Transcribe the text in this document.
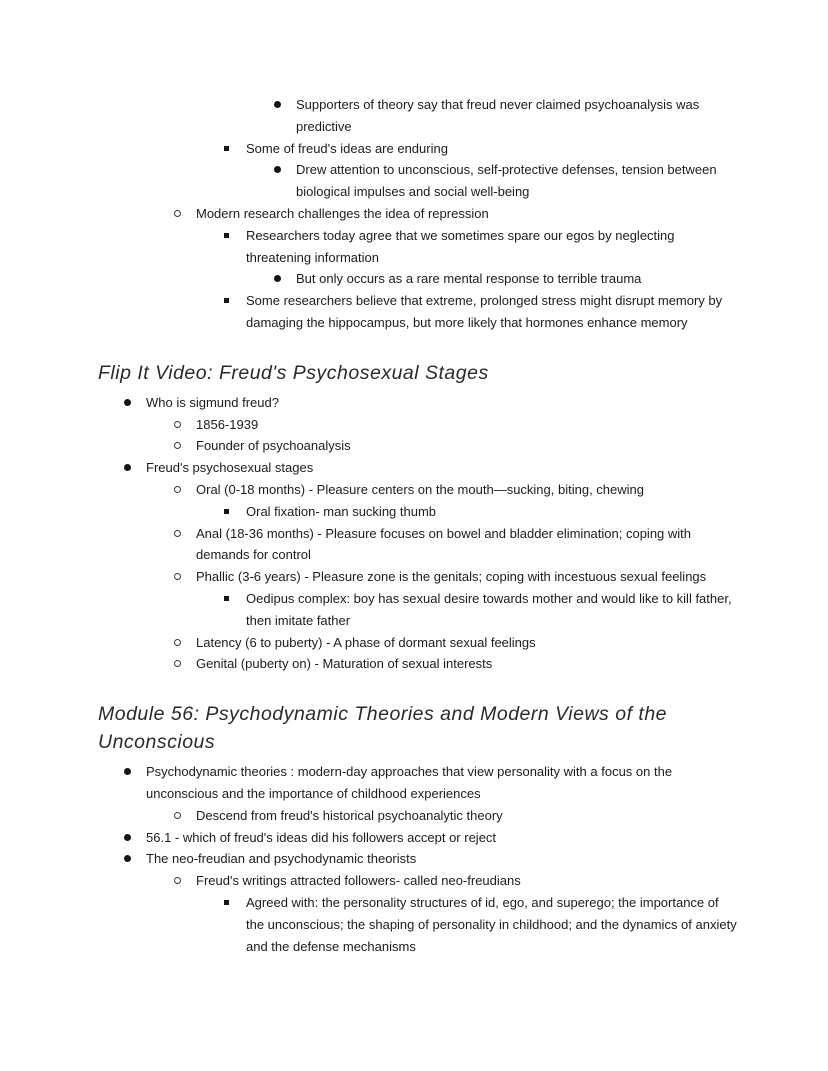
Supporters of theory say that freud never claimed psychoanalysis was predictive
Some of freud's ideas are enduring
Drew attention to unconscious, self-protective defenses, tension between biological impulses and social well-being
Modern research challenges the idea of repression
Researchers today agree that we sometimes spare our egos by neglecting threatening information
But only occurs as a rare mental response to terrible trauma
Some researchers believe that extreme, prolonged stress might disrupt memory by damaging the hippocampus, but more likely that hormones enhance memory
Flip It Video: Freud's Psychosexual Stages
Who is sigmund freud?
1856-1939
Founder of psychoanalysis
Freud's psychosexual stages
Oral (0-18 months) - Pleasure centers on the mouth—sucking, biting, chewing
Oral fixation- man sucking thumb
Anal (18-36 months) - Pleasure focuses on bowel and bladder elimination; coping with demands for control
Phallic (3-6 years) - Pleasure zone is the genitals; coping with incestuous sexual feelings
Oedipus complex: boy has sexual desire towards mother and would like to kill father, then imitate father
Latency (6 to puberty) - A phase of dormant sexual feelings
Genital (puberty on) - Maturation of sexual interests
Module 56: Psychodynamic Theories and Modern Views of the Unconscious
Psychodynamic theories : modern-day approaches that view personality with a focus on the unconscious and the importance of childhood experiences
Descend from freud's historical psychoanalytic theory
56.1 - which of freud's ideas did his followers accept or reject
The neo-freudian and psychodynamic theorists
Freud's writings attracted followers- called neo-freudians
Agreed with: the personality structures of id, ego, and superego; the importance of the unconscious; the shaping of personality in childhood; and the dynamics of anxiety and the defense mechanisms
